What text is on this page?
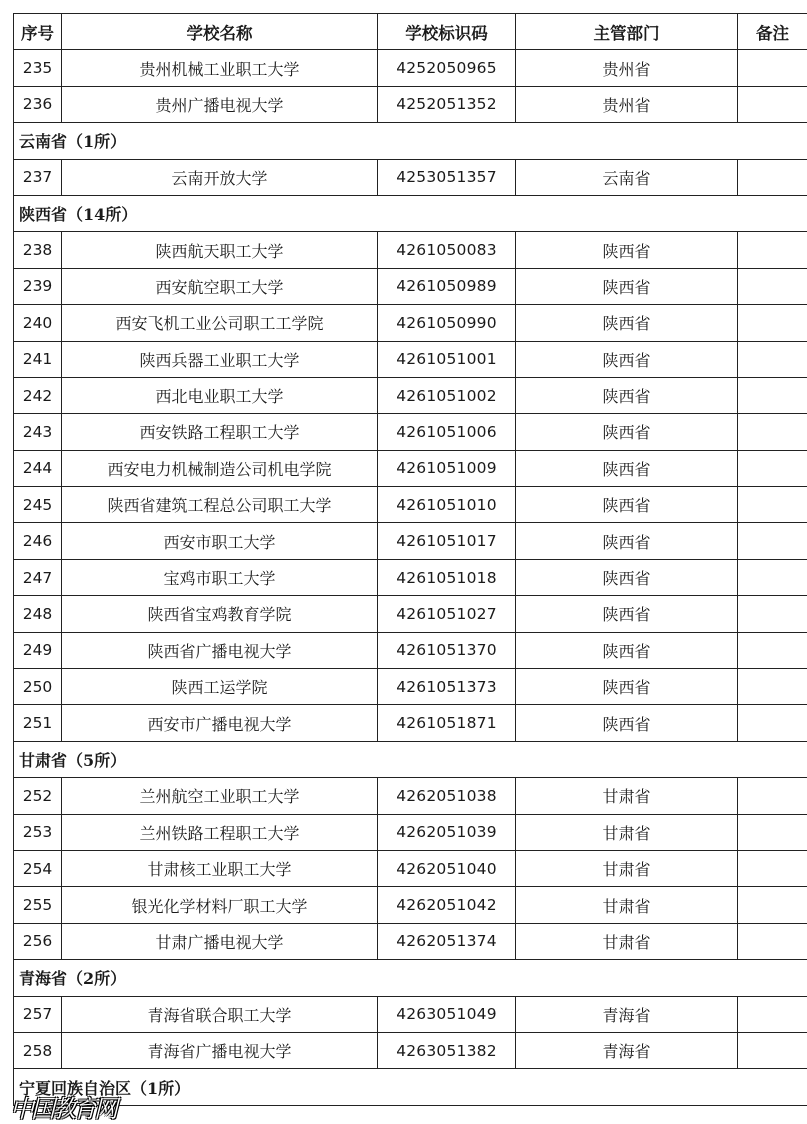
序号	学校名称	学校标识码	主管部门	备注
235	贵州机械工业职工大学	4252050965	贵州省	
236	贵州广播电视大学	4252051352	贵州省	
云南省（1所）				
237	云南开放大学	4253051357	云南省	
陕西省（14所）				
238	陕西航天职工大学	4261050083	陕西省	
239	西安航空职工大学	4261050989	陕西省	
240	西安飞机工业公司职工工学院	4261050990	陕西省	
241	陕西兵器工业职工大学	4261051001	陕西省	
242	西北电业职工大学	4261051002	陕西省	
243	西安铁路工程职工大学	4261051006	陕西省	
244	西安电力机械制造公司机电学院	4261051009	陕西省	
245	陕西省建筑工程总公司职工大学	4261051010	陕西省	
246	西安市职工大学	4261051017	陕西省	
247	宝鸡市职工大学	4261051018	陕西省	
248	陕西省宝鸡教育学院	4261051027	陕西省	
249	陕西省广播电视大学	4261051370	陕西省	
250	陕西工运学院	4261051373	陕西省	
251	西安市广播电视大学	4261051871	陕西省	
甘肃省（5所）				
252	兰州航空工业职工大学	4262051038	甘肃省	
253	兰州铁路工程职工大学	4262051039	甘肃省	
254	甘肃核工业职工大学	4262051040	甘肃省	
255	银光化学材料厂职工大学	4262051042	甘肃省	
256	甘肃广播电视大学	4262051374	甘肃省	
青海省（2所）				
257	青海省联合职工大学	4263051049	青海省	
258	青海省广播电视大学	4263051382	青海省	
宁夏回族自治区（1所）				
中国教育网
